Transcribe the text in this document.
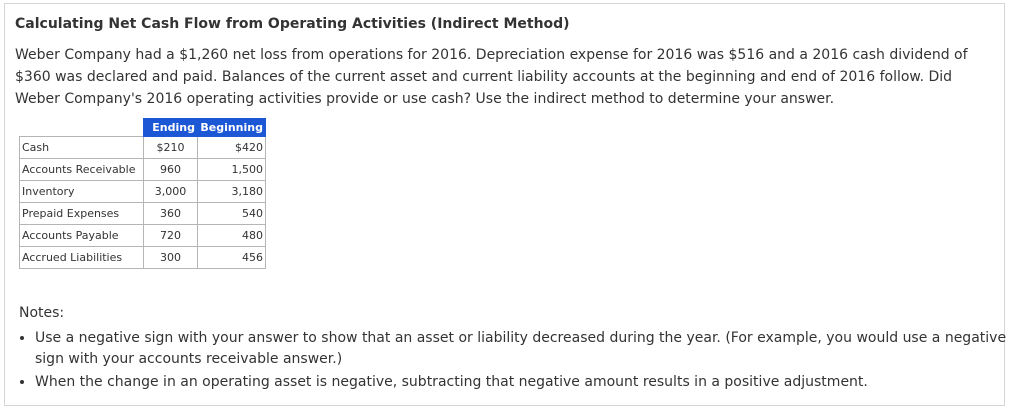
Calculating Net Cash Flow from Operating Activities (Indirect Method)
Weber Company had a $1,260 net loss from operations for 2016. Depreciation expense for 2016 was $516 and a 2016 cash dividend of $360 was declared and paid. Balances of the current asset and current liability accounts at the beginning and end of 2016 follow. Did Weber Company's 2016 operating activities provide or use cash? Use the indirect method to determine your answer.
	Ending	Beginning
Cash	$210	$420
Accounts Receivable	960	1,500
Inventory	3,000	3,180
Prepaid Expenses	360	540
Accounts Payable	720	480
Accrued Liabilities	300	456
Notes:
• Use a negative sign with your answer to show that an asset or liability decreased during the year. (For example, you would use a negative sign with your accounts receivable answer.)
• When the change in an operating asset is negative, subtracting that negative amount results in a positive adjustment.
